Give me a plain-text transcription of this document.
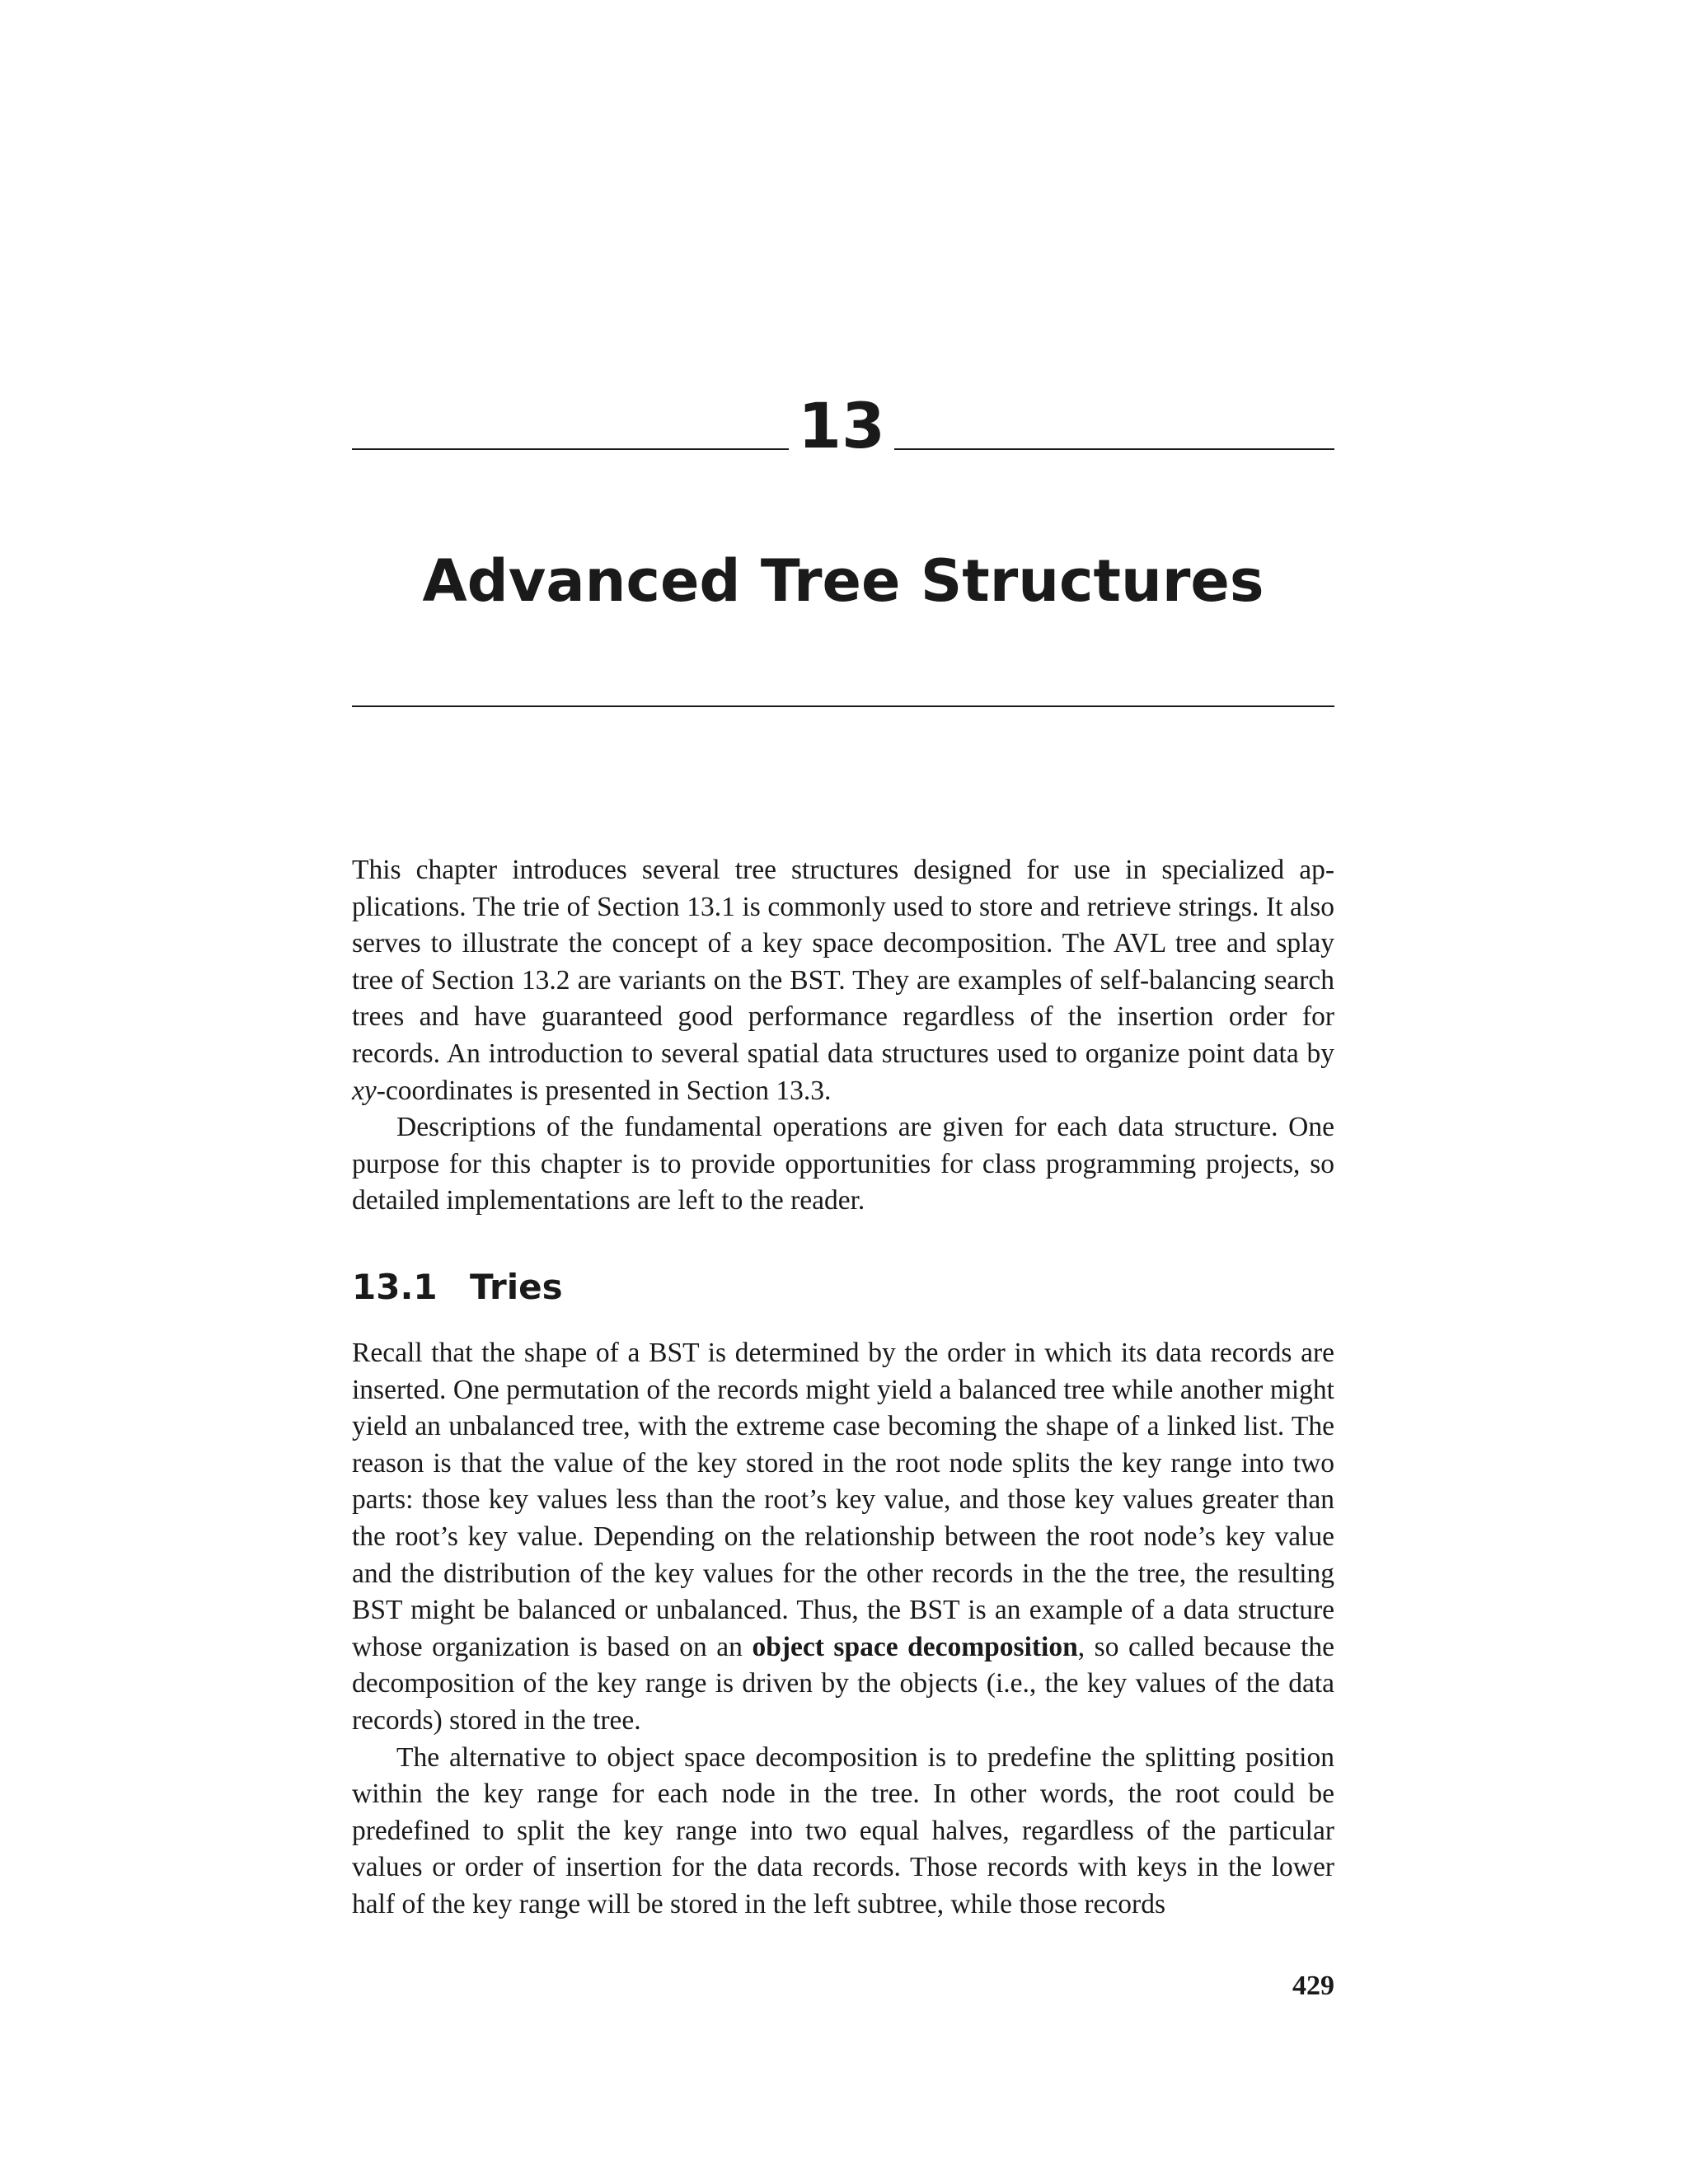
13
Advanced Tree Structures

This chapter introduces several tree structures designed for use in specialized applications. The trie of Section 13.1 is commonly used to store and retrieve strings. It also serves to illustrate the concept of a key space decomposition. The AVL tree and splay tree of Section 13.2 are variants on the BST. They are examples of self-balancing search trees and have guaranteed good performance regardless of the insertion order for records. An introduction to several spatial data structures used to organize point data by xy-coordinates is presented in Section 13.3.

Descriptions of the fundamental operations are given for each data structure. One purpose for this chapter is to provide opportunities for class programming projects, so detailed implementations are left to the reader.

13.1 Tries

Recall that the shape of a BST is determined by the order in which its data records are inserted. One permutation of the records might yield a balanced tree while another might yield an unbalanced tree, with the extreme case becoming the shape of a linked list. The reason is that the value of the key stored in the root node splits the key range into two parts: those key values less than the root’s key value, and those key values greater than the root’s key value. Depending on the relationship between the root node’s key value and the distribution of the key values for the other records in the the tree, the resulting BST might be balanced or unbalanced. Thus, the BST is an example of a data structure whose organization is based on an object space decomposition, so called because the decomposition of the key range is driven by the objects (i.e., the key values of the data records) stored in the tree.

The alternative to object space decomposition is to predefine the splitting position within the key range for each node in the tree. In other words, the root could be predefined to split the key range into two equal halves, regardless of the particular values or order of insertion for the data records. Those records with keys in the lower half of the key range will be stored in the left subtree, while those records

429
